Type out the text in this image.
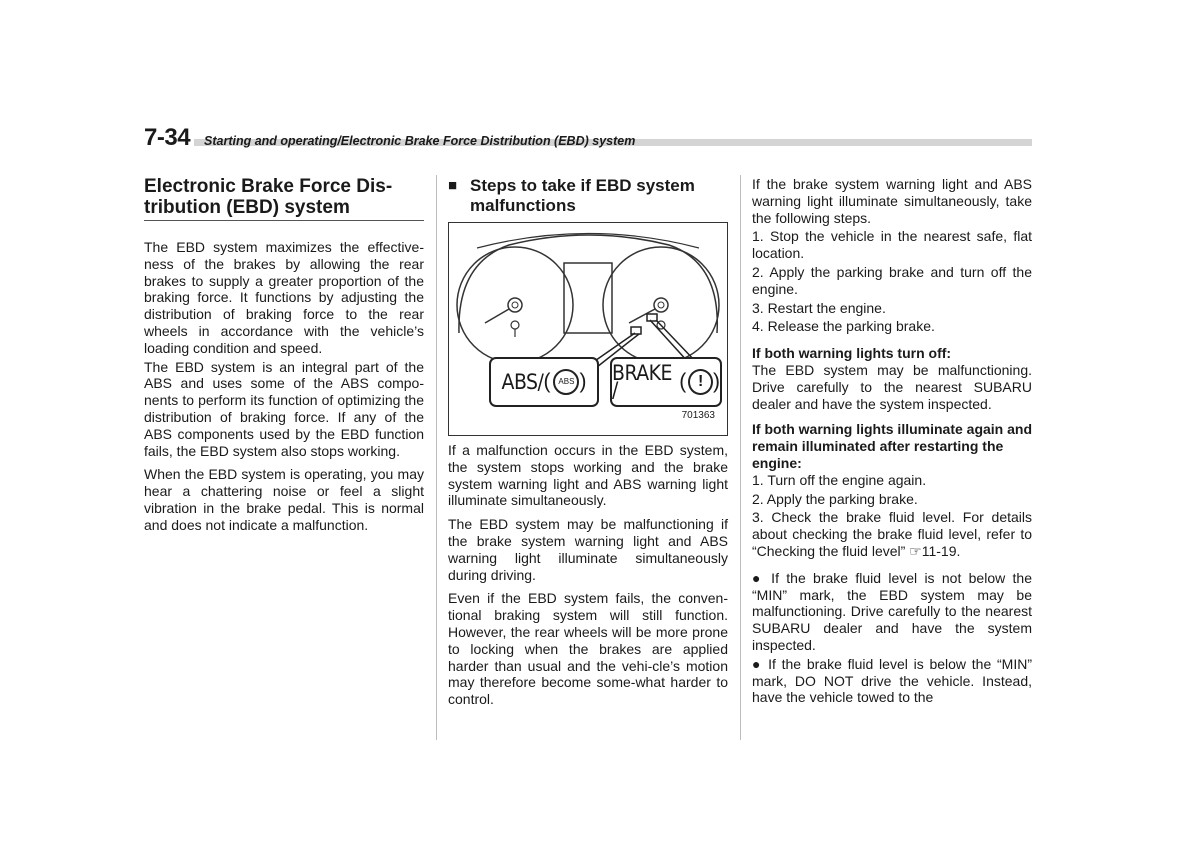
7-34 Starting and operating/Electronic Brake Force Distribution (EBD) system
Electronic Brake Force Dis-tribution (EBD) system

The EBD system maximizes the effective-ness of the brakes by allowing the rear brakes to supply a greater proportion of the braking force. It functions by adjusting the distribution of braking force to the rear wheels in accordance with the vehicle’s loading condition and speed.

The EBD system is an integral part of the ABS and uses some of the ABS compo-nents to perform its function of optimizing the distribution of braking force. If any of the ABS components used by the EBD function fails, the EBD system also stops working.

When the EBD system is operating, you may hear a chattering noise or feel a slight vibration in the brake pedal. This is normal and does not indicate a malfunction.

■ Steps to take if EBD system malfunctions
ABS/ ( ABS ) BRAKE /	( ! )
701363

If a malfunction occurs in the EBD system, the system stops working and the brake system warning light and ABS warning light illuminate simultaneously.

The EBD system may be malfunctioning if the brake system warning light and ABS warning light illuminate simultaneously during driving.

Even if the EBD system fails, the conven-tional braking system will still function. However, the rear wheels will be more prone to locking when the brakes are applied harder than usual and the vehi-cle’s motion may therefore become some-what harder to control.

If the brake system warning light and ABS warning light illuminate simultaneously, take the following steps.

1. Stop the vehicle in the nearest safe, flat location.

2. Apply the parking brake and turn off the engine.

3. Restart the engine.

4. Release the parking brake.

If both warning lights turn off:

The EBD system may be malfunctioning. Drive carefully to the nearest SUBARU dealer and have the system inspected.

If both warning lights illuminate again and remain illuminated after restarting the engine:

1. Turn off the engine again.

2. Apply the parking brake.

3. Check the brake fluid level. For details about checking the brake fluid level, refer to “Checking the fluid level” ☞11-19.

● If the brake fluid level is not below the “MIN” mark, the EBD system may be malfunctioning. Drive carefully to the nearest SUBARU dealer and have the system inspected.

● If the brake fluid level is below the “MIN” mark, DO NOT drive the vehicle. Instead, have the vehicle towed to the
